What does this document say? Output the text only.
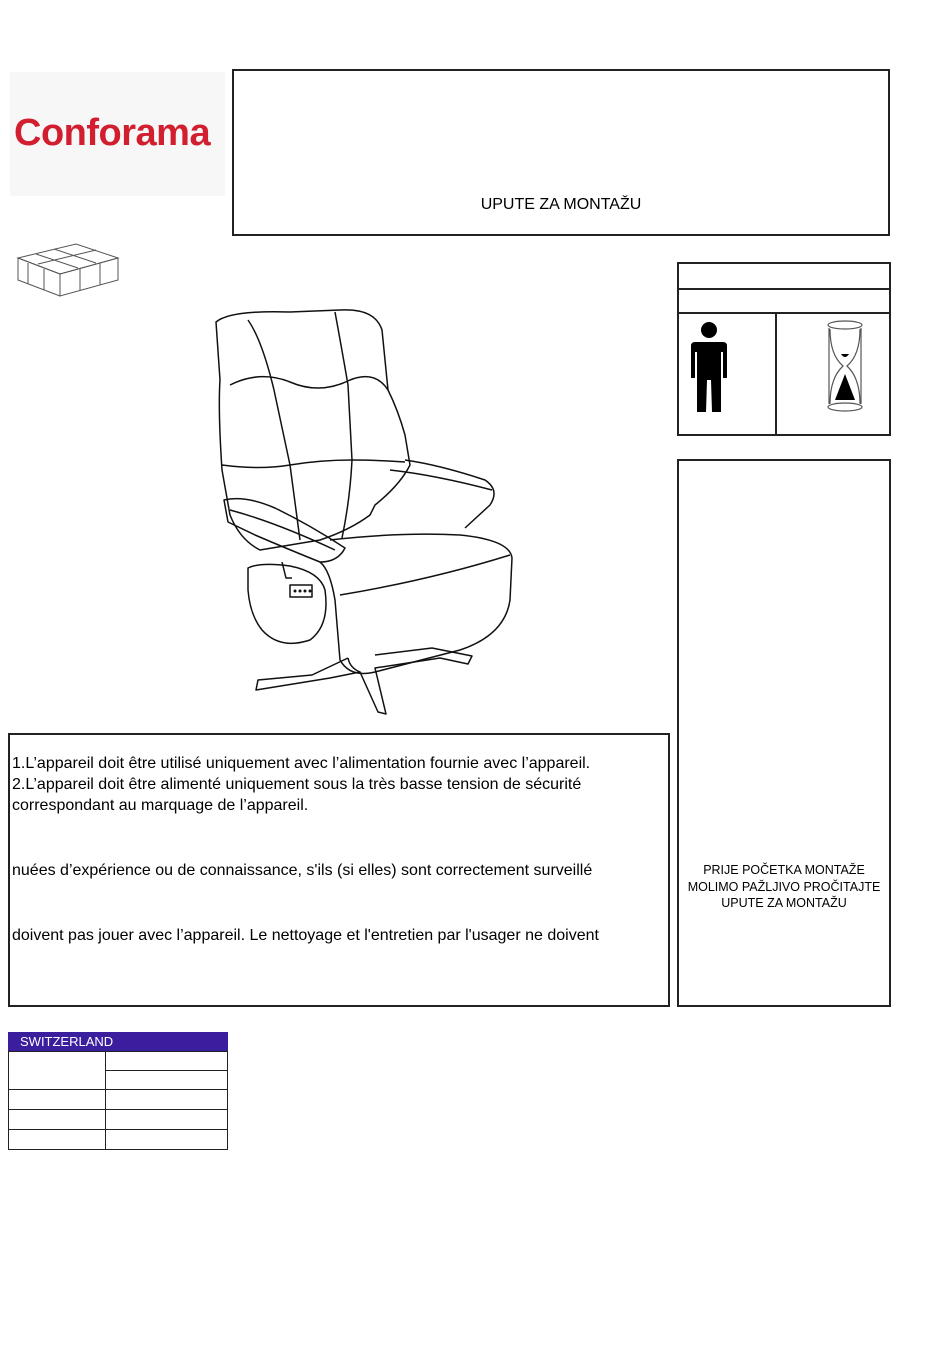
Conforama
UPUTE ZA MONTAŽU
PRIJE POČETKA MONTAŽE
MOLIMO PAŽLJIVO PROČITAJTE
UPUTE ZA MONTAŽU
1.L’appareil doit être utilisé uniquement avec l’alimentation fournie avec l’appareil.
2.L’appareil doit être alimenté uniquement sous la très basse tension de sécurité
correspondant au marquage de l’appareil.
nuées d’expérience ou de connaissance, s'ils (si elles) sont correctement surveillé
doivent pas jouer avec l’appareil. Le nettoyage et l'entretien par l'usager ne doivent
SWITZERLAND
